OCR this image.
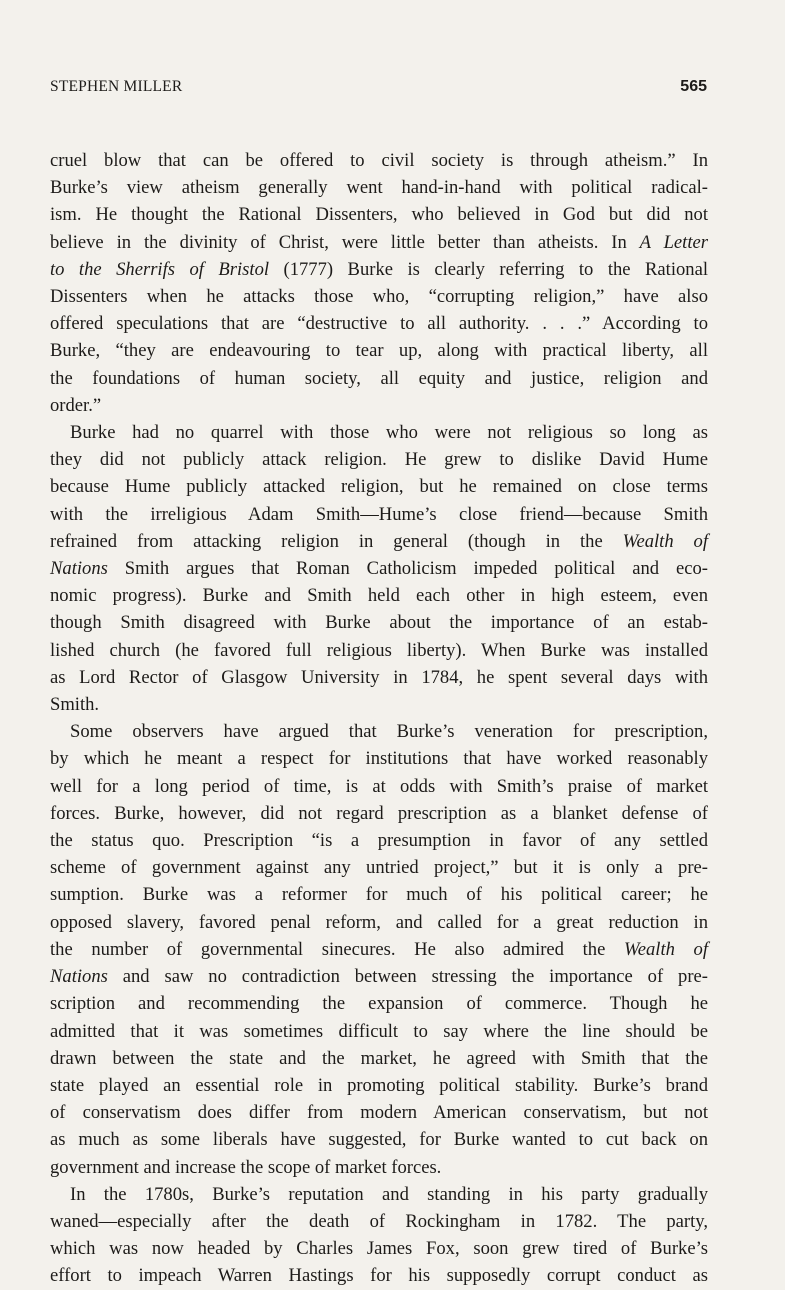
STEPHEN MILLER	565
cruel blow that can be offered to civil society is through atheism.” In
Burke’s view atheism generally went hand-in-hand with political radical-
ism. He thought the Rational Dissenters, who believed in God but did not
believe in the divinity of Christ, were little better than atheists. In A Letter
to the Sherrifs of Bristol (1777) Burke is clearly referring to the Rational
Dissenters when he attacks those who, “corrupting religion,” have also
offered speculations that are “destructive to all authority. . . .” According to
Burke, “they are endeavouring to tear up, along with practical liberty, all
the foundations of human society, all equity and justice, religion and
order.”
Burke had no quarrel with those who were not religious so long as
they did not publicly attack religion. He grew to dislike David Hume
because Hume publicly attacked religion, but he remained on close terms
with the irreligious Adam Smith—Hume’s close friend—because Smith
refrained from attacking religion in general (though in the Wealth of
Nations Smith argues that Roman Catholicism impeded political and eco-
nomic progress). Burke and Smith held each other in high esteem, even
though Smith disagreed with Burke about the importance of an estab-
lished church (he favored full religious liberty). When Burke was installed
as Lord Rector of Glasgow University in 1784, he spent several days with
Smith.
Some observers have argued that Burke’s veneration for prescription,
by which he meant a respect for institutions that have worked reasonably
well for a long period of time, is at odds with Smith’s praise of market
forces. Burke, however, did not regard prescription as a blanket defense of
the status quo. Prescription “is a presumption in favor of any settled
scheme of government against any untried project,” but it is only a pre-
sumption. Burke was a reformer for much of his political career; he
opposed slavery, favored penal reform, and called for a great reduction in
the number of governmental sinecures. He also admired the Wealth of
Nations and saw no contradiction between stressing the importance of pre-
scription and recommending the expansion of commerce. Though he
admitted that it was sometimes difficult to say where the line should be
drawn between the state and the market, he agreed with Smith that the
state played an essential role in promoting political stability. Burke’s brand
of conservatism does differ from modern American conservatism, but not
as much as some liberals have suggested, for Burke wanted to cut back on
government and increase the scope of market forces.
In the 1780s, Burke’s reputation and standing in his party gradually
waned—especially after the death of Rockingham in 1782. The party,
which was now headed by Charles James Fox, soon grew tired of Burke’s
effort to impeach Warren Hastings for his supposedly corrupt conduct as
